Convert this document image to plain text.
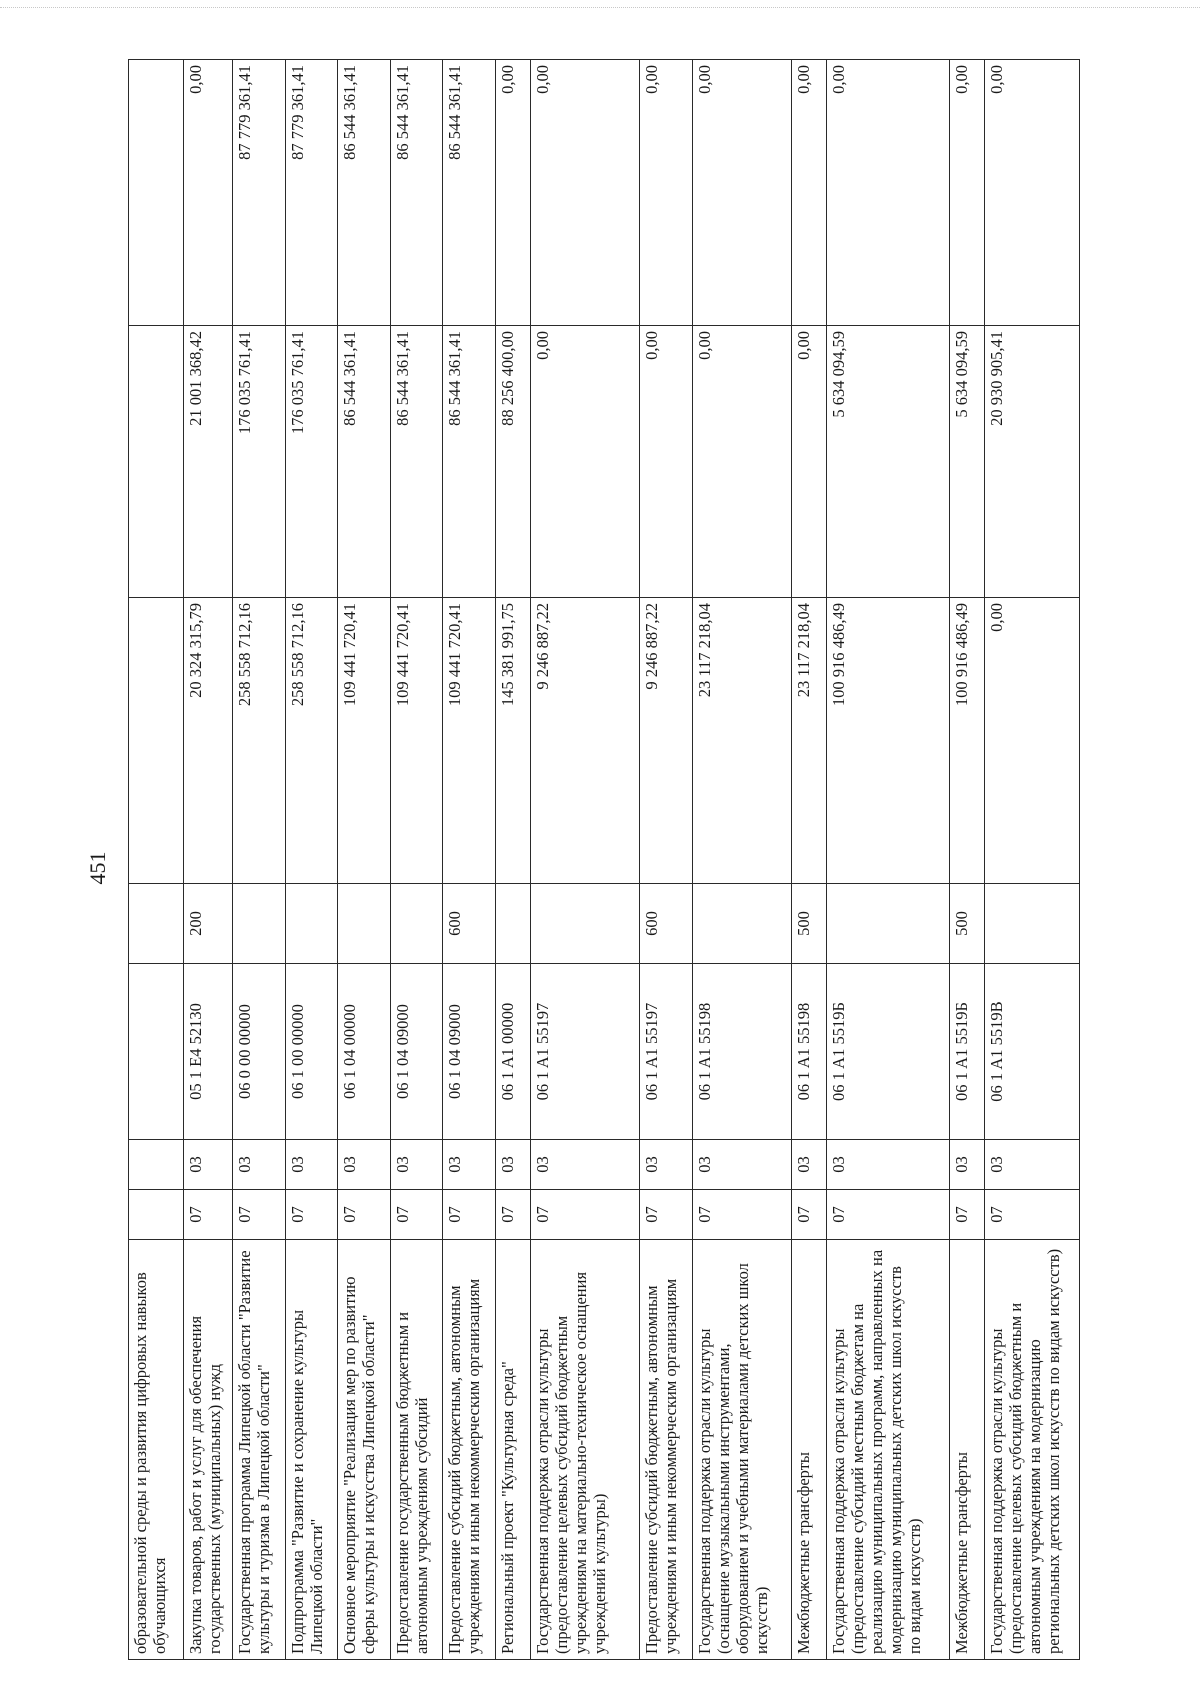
451
образовательной среды и развития цифровых навыков обучающихся							
Закупка товаров, работ и услуг для обеспечения государственных (муниципальных) нужд	07	03	05 1 E4 52130	200	20 324 315,79	21 001 368,42	0,00
Государственная программа Липецкой области "Развитие культуры и туризма в Липецкой области"	07	03	06 0 00 00000		258 558 712,16	176 035 761,41	87 779 361,41
Подпрограмма "Развитие и сохранение культуры Липецкой области"	07	03	06 1 00 00000		258 558 712,16	176 035 761,41	87 779 361,41
Основное мероприятие "Реализация мер по развитию сферы культуры и искусства Липецкой области"	07	03	06 1 04 00000		109 441 720,41	86 544 361,41	86 544 361,41
Предоставление государственным бюджетным и автономным учреждениям субсидий	07	03	06 1 04 09000		109 441 720,41	86 544 361,41	86 544 361,41
Предоставление субсидий бюджетным, автономным учреждениям и иным некоммерческим организациям	07	03	06 1 04 09000	600	109 441 720,41	86 544 361,41	86 544 361,41
Региональный проект "Культурная среда"	07	03	06 1 A1 00000		145 381 991,75	88 256 400,00	0,00
Государственная поддержка отрасли культуры (предоставление целевых субсидий бюджетным учреждениям на материально-техническое оснащения учреждений культуры)	07	03	06 1 A1 55197		9 246 887,22	0,00	0,00
Предоставление субсидий бюджетным, автономным учреждениям и иным некоммерческим организациям	07	03	06 1 A1 55197	600	9 246 887,22	0,00	0,00
Государственная поддержка отрасли культуры (оснащение музыкальными инструментами, оборудованием и учебными материалами детских школ искусств)	07	03	06 1 A1 55198		23 117 218,04	0,00	0,00
Межбюджетные трансферты	07	03	06 1 A1 55198	500	23 117 218,04	0,00	0,00
Государственная поддержка отрасли культуры (предоставление субсидий местным бюджетам на реализацию муниципальных программ, направленных на модернизацию муниципальных детских школ искусств по видам искусств)	07	03	06 1 A1 5519Б		100 916 486,49	5 634 094,59	0,00
Межбюджетные трансферты	07	03	06 1 A1 5519Б	500	100 916 486,49	5 634 094,59	0,00
Государственная поддержка отрасли культуры (предоставление целевых субсидий бюджетным и автономным учреждениям на модернизацию региональных детских школ искусств по видам искусств)	07	03	06 1 A1 5519В		0,00	20 930 905,41	0,00
